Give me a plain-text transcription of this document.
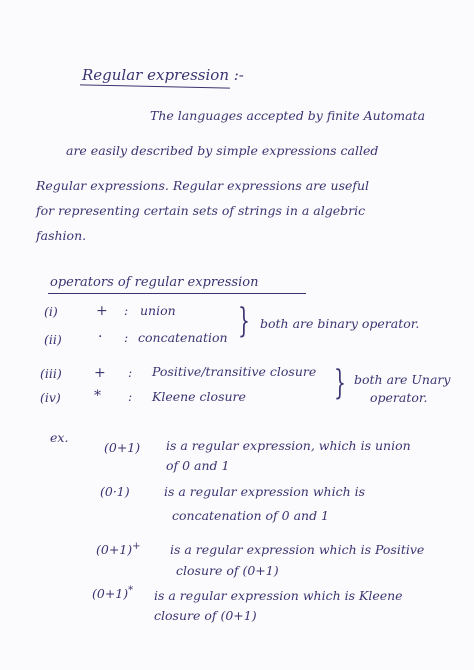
Regular expression :-
The languages accepted by finite Automata
are easily described by simple expressions called
Regular expressions. Regular expressions are useful
for representing certain sets of strings in a algebric
fashion.
operators of regular expression
(i)	+ : union
(ii)	· : concatenation } both are binary operator.
(iii) + : Positive/transitive closure
(iv) * : Kleene closure	} both are Unary
operator.
ex.
(0+1) is a regular expression, which is union
of 0 and 1
(0·1)	is a regular expression which is
concatenation of 0 and 1
(0+1)+ is a regular expression which is Positive
closure of (0+1)
(0+1)* is a regular expression which is Kleene
closure of (0+1)
